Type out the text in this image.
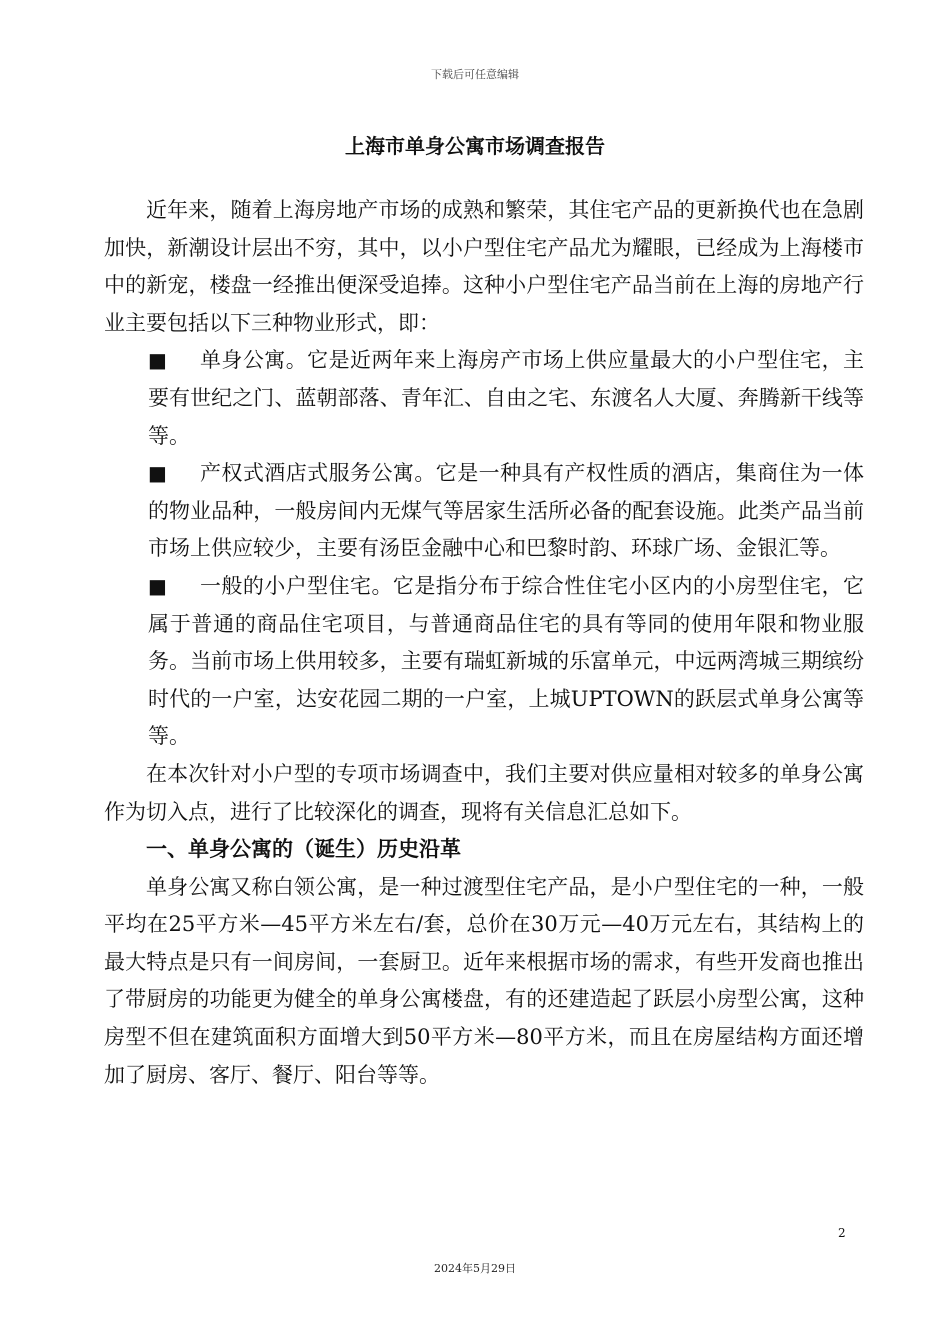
下载后可任意编辑
上海市单身公寓市场调查报告

近年来，随着上海房地产市场的成熟和繁荣，其住宅产品的更新换代也在急剧加快，新潮设计层出不穷，其中，以小户型住宅产品尤为耀眼，已经成为上海楼市中的新宠，楼盘一经推出便深受追捧。这种小户型住宅产品当前在上海的房地产行业主要包括以下三种物业形式，即：

■	单身公寓。它是近两年来上海房产市场上供应量最大的小户型住宅，主要有世纪之门、蓝朝部落、青年汇、自由之宅、东渡名人大厦、奔腾新干线等等。
■	产权式酒店式服务公寓。它是一种具有产权性质的酒店，集商住为一体的物业品种，一般房间内无煤气等居家生活所必备的配套设施。此类产品当前市场上供应较少，主要有汤臣金融中心和巴黎时韵、环球广场、金银汇等。
■	一般的小户型住宅。它是指分布于综合性住宅小区内的小房型住宅，它属于普通的商品住宅项目，与普通商品住宅的具有等同的使用年限和物业服务。当前市场上供用较多，主要有瑞虹新城的乐富单元，中远两湾城三期缤纷时代的一户室，达安花园二期的一户室，上城UPTOWN的跃层式单身公寓等等。

在本次针对小户型的专项市场调查中，我们主要对供应量相对较多的单身公寓作为切入点，进行了比较深化的调查，现将有关信息汇总如下。

一、单身公寓的（诞生）历史沿革

单身公寓又称白领公寓，是一种过渡型住宅产品，是小户型住宅的一种，一般平均在25平方米—45平方米左右/套，总价在30万元—40万元左右，其结构上的最大特点是只有一间房间，一套厨卫。近年来根据市场的需求，有些开发商也推出了带厨房的功能更为健全的单身公寓楼盘，有的还建造起了跃层小房型公寓，这种房型不但在建筑面积方面增大到50平方米—80平方米，而且在房屋结构方面还增加了厨房、客厅、餐厅、阳台等等。

2
2024年5月29日
